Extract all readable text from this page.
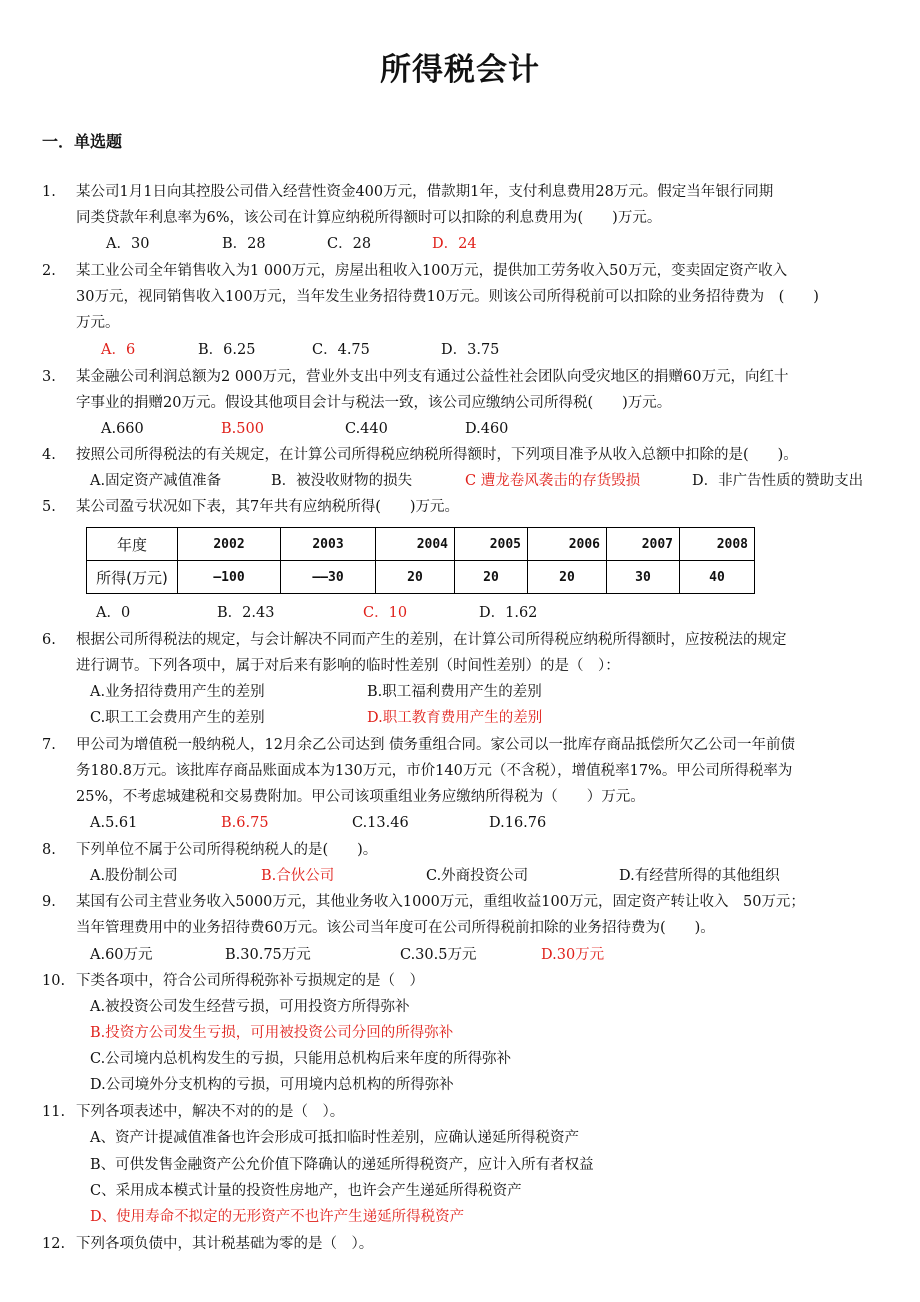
所得税会计
一．单选题
1. 某公司1月1日向其控股公司借入经营性资金400万元，借款期1年，支付利息费用28万元。假定当年银行同期
同类贷款年利息率为6%，该公司在计算应纳税所得额时可以扣除的利息费用为(　　)万元。
A．30	B．28	C．28	D．24
2. 某工业公司全年销售收入为1 000万元，房屋出租收入100万元，提供加工劳务收入50万元，变卖固定资产收入
30万元，视同销售收入100万元，当年发生业务招待费10万元。则该公司所得税前可以扣除的业务招待费为　(　　)
万元。
A．6	B．6.25	C．4.75	D．3.75
3. 某金融公司利润总额为2 000万元，营业外支出中列支有通过公益性社会团队向受灾地区的捐赠60万元，向红十
字事业的捐赠20万元。假设其他项目会计与税法一致，该公司应缴纳公司所得税(　　)万元。
A.660	B.500	C.440	D.460
4. 按照公司所得税法的有关规定，在计算公司所得税应纳税所得额时，下列项目准予从收入总额中扣除的是(　　)。
A.固定资产减值准备	B．被没收财物的损失	C 遭龙卷风袭击的存货毁损	D．非广告性质的赞助支出
5. 某公司盈亏状况如下表，其7年共有应纳税所得(　　)万元。
年度	2002	2003	2004	2005	2006	2007	2008
所得(万元)	—100	——30	20	20	20	30	40
A．0	B．2.43	C．10	D．1.62
6. 根据公司所得税法的规定，与会计解决不同而产生的差别，在计算公司所得税应纳税所得额时，应按税法的规定
进行调节。下列各项中，属于对后来有影响的临时性差别（时间性差别）的是（　）：
A.业务招待费用产生的差别	B.职工福利费用产生的差别
C.职工工会费用产生的差别	D.职工教育费用产生的差别
7. 甲公司为增值税一般纳税人，12月余乙公司达到 债务重组合同。家公司以一批库存商品抵偿所欠乙公司一年前债
务180.8万元。该批库存商品账面成本为130万元，市价140万元（不含税），增值税率17%。甲公司所得税率为
25%，不考虑城建税和交易费附加。甲公司该项重组业务应缴纳所得税为（　　）万元。
A.5.61	B.6.75	C.13.46	D.16.76
8. 下列单位不属于公司所得税纳税人的是(　　)。
A.股份制公司	B.合伙公司	C.外商投资公司	D.有经营所得的其他组织
9. 某国有公司主营业务收入5000万元，其他业务收入1000万元，重组收益100万元，固定资产转让收入　50万元；
当年管理费用中的业务招待费60万元。该公司当年度可在公司所得税前扣除的业务招待费为(　　)。
A.60万元	B.30.75万元	C.30.5万元	D.30万元
10. 下类各项中，符合公司所得税弥补亏损规定的是（　）
A.被投资公司发生经营亏损，可用投资方所得弥补
B.投资方公司发生亏损，可用被投资公司分回的所得弥补
C.公司境内总机构发生的亏损，只能用总机构后来年度的所得弥补
D.公司境外分支机构的亏损，可用境内总机构的所得弥补
11. 下列各项表述中，解决不对的的是（　）。
A、资产计提减值准备也许会形成可抵扣临时性差别，应确认递延所得税资产
B、可供发售金融资产公允价值下降确认的递延所得税资产，应计入所有者权益
C、采用成本模式计量的投资性房地产，也许会产生递延所得税资产
D、使用寿命不拟定的无形资产不也许产生递延所得税资产
12. 下列各项负债中，其计税基础为零的是（　）。
